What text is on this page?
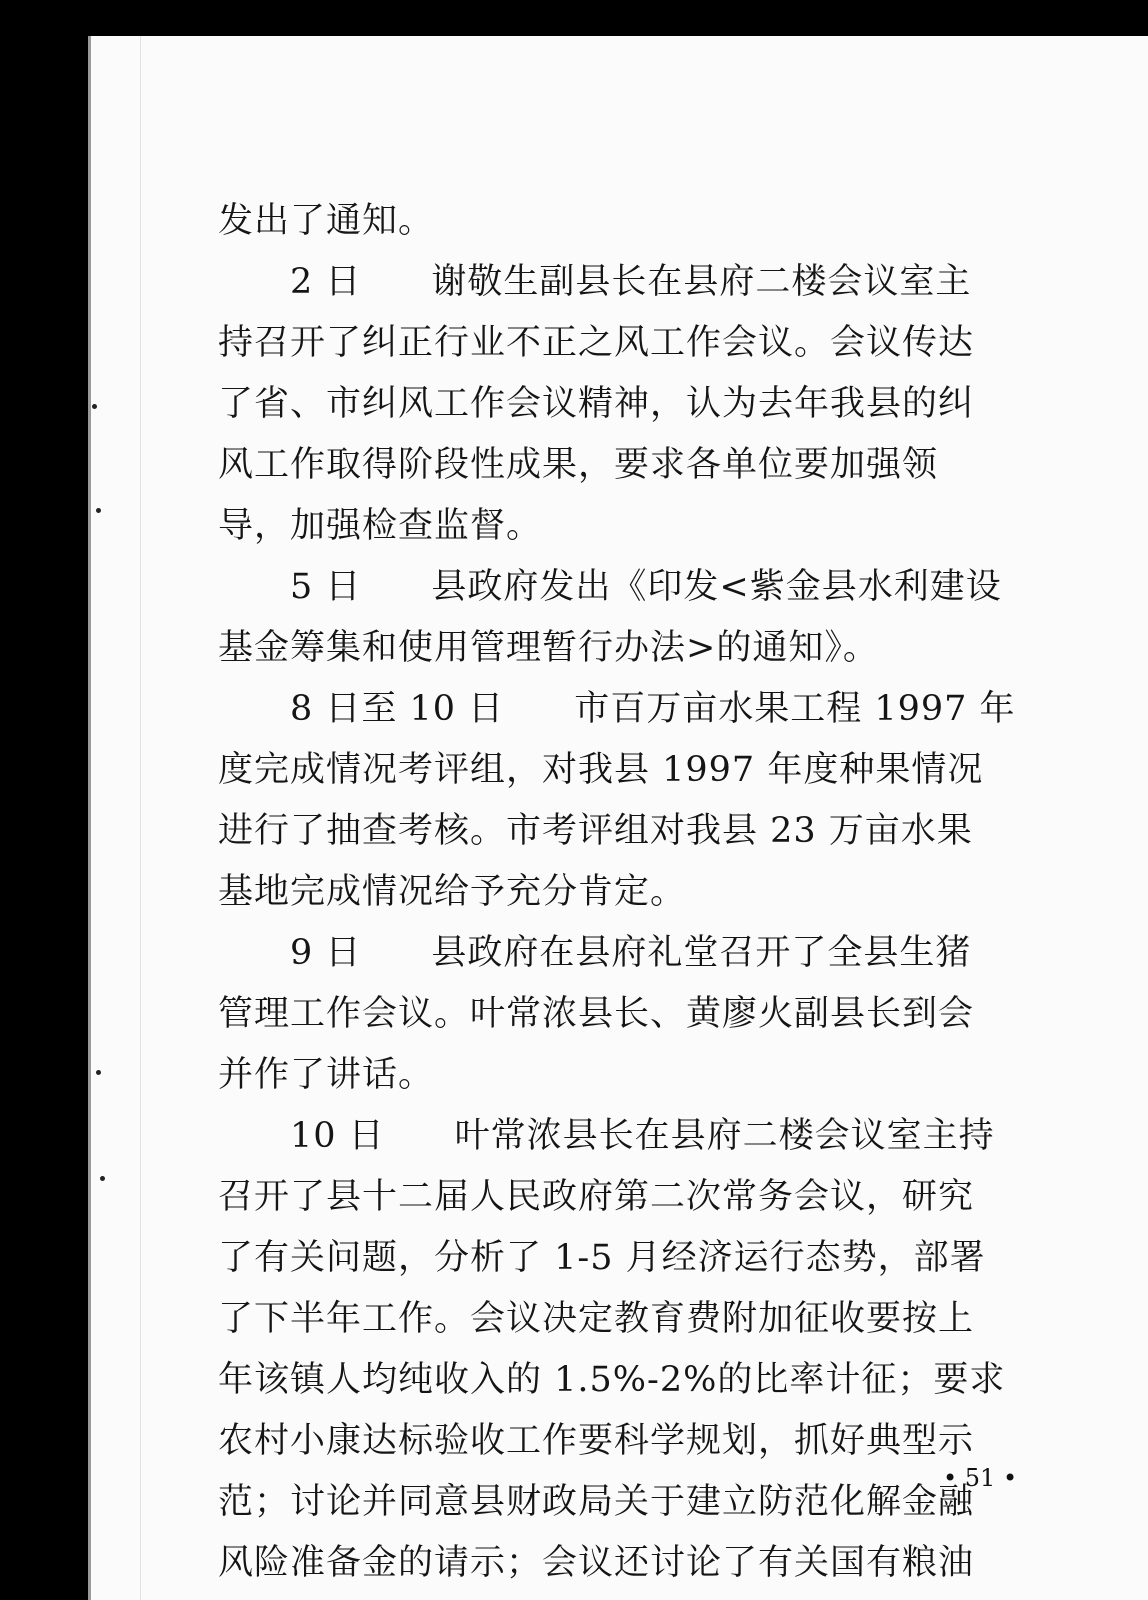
发出了通知。
2 日 谢敬生副县长在县府二楼会议室主
持召开了纠正行业不正之风工作会议。会议传达
了省、市纠风工作会议精神，认为去年我县的纠
风工作取得阶段性成果，要求各单位要加强领
导，加强检查监督。
5 日 县政府发出《印发<紫金县水利建设
基金筹集和使用管理暂行办法>的通知》。
8 日至 10 日 市百万亩水果工程 1997 年
度完成情况考评组，对我县 1997 年度种果情况
进行了抽查考核。市考评组对我县 23 万亩水果
基地完成情况给予充分肯定。
9 日 县政府在县府礼堂召开了全县生猪
管理工作会议。叶常浓县长、黄廖火副县长到会
并作了讲话。
10 日 叶常浓县长在县府二楼会议室主持
召开了县十二届人民政府第二次常务会议，研究
了有关问题，分析了 1-5 月经济运行态势，部署
了下半年工作。会议决定教育费附加征收要按上
年该镇人均纯收入的 1.5%-2%的比率计征；要求
农村小康达标验收工作要科学规划，抓好典型示
范；讨论并同意县财政局关于建立防范化解金融
风险准备金的请示；会议还讨论了有关国有粮油
• 51 •
